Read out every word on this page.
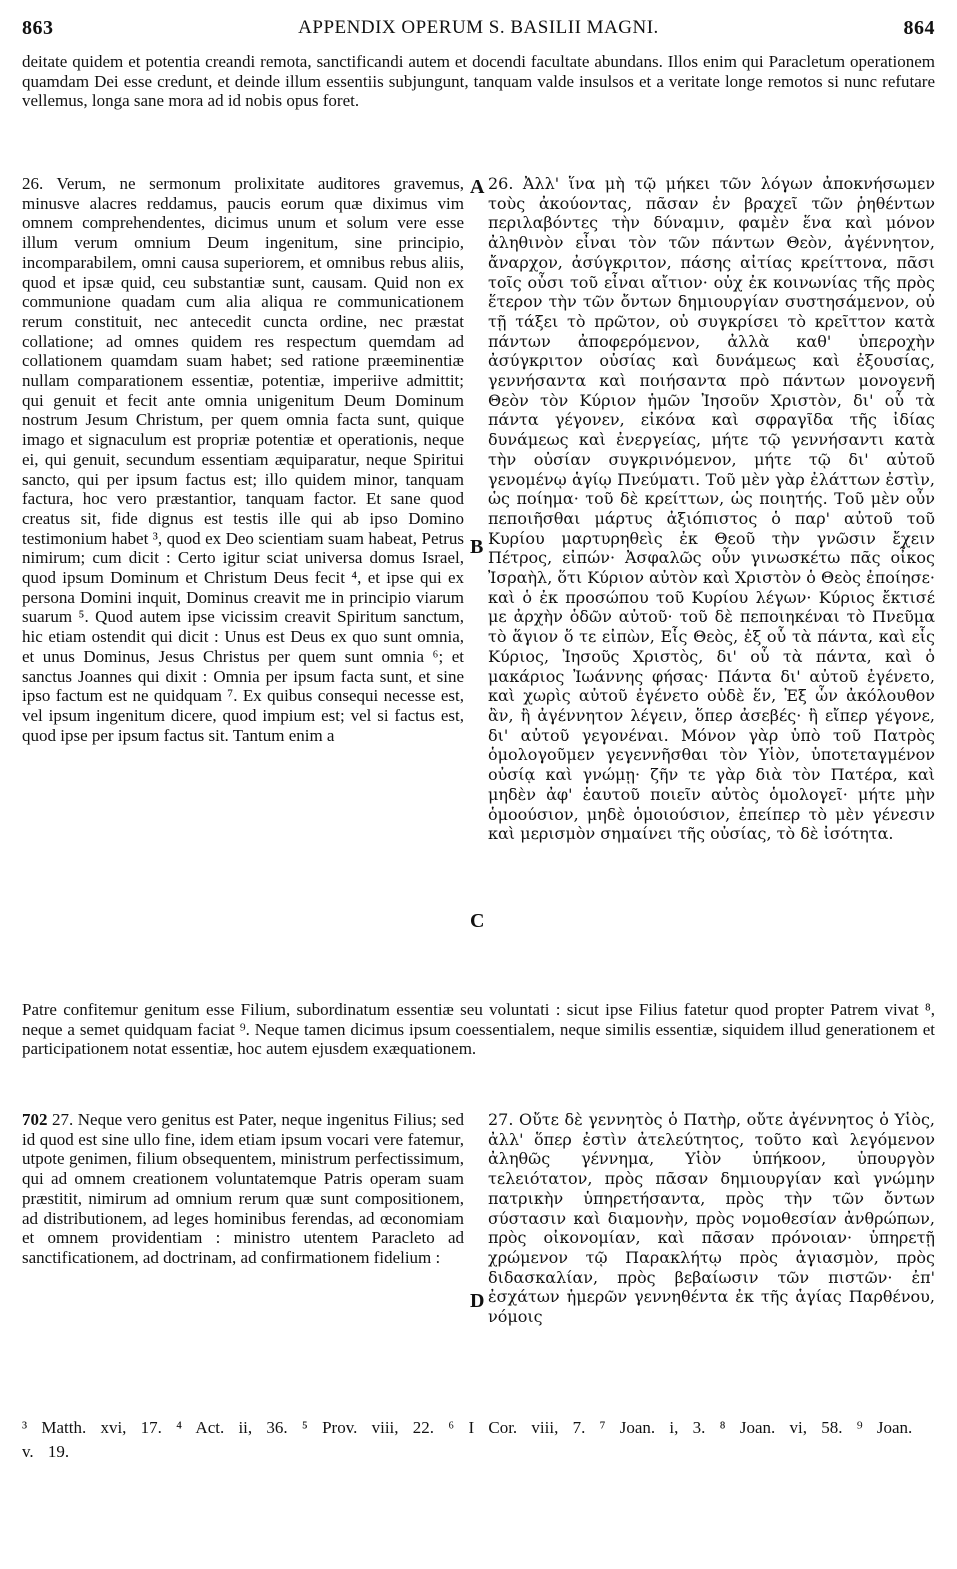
863	APPENDIX OPERUM S. BASILII MAGNI.	864

deitate quidem et potentia creandi remota, sanctificandi autem et docendi facultate abundans. Illos enim qui Paracletum operationem quamdam Dei esse credunt, et deinde illum essentiis subjungunt, tanquam valde insulsos et a veritate longe remotos si nunc refutare vellemus, longa sane mora ad id nobis opus foret.

26. Verum, ne sermonum prolixitate auditores gravemus, minusve alacres reddamus, paucis eorum quæ diximus vim omnem comprehendentes, dicimus unum et solum vere esse illum verum omnium Deum ingenitum, sine principio, incomparabilem, omni causa superiorem, et omnibus rebus aliis, quod et ipsæ quid, ceu substantiæ sunt, causam. Quid non ex communione quadam cum alia aliqua re communicationem rerum constituit, nec antecedit cuncta ordine, nec præstat collatione; ad omnes quidem res respectum quemdam ad collationem quamdam suam habet; sed ratione præeminentiæ nullam comparationem essentiæ, potentiæ, imperiive admittit; qui genuit et fecit ante omnia unigenitum Deum Dominum nostrum Jesum Christum, per quem omnia facta sunt, quique imago et signaculum est propriæ potentiæ et operationis, neque ei, qui genuit, secundum essentiam æquiparatur, neque Spiritui sancto, qui per ipsum factus est; illo quidem minor, tanquam factura, hoc vero præstantior, tanquam factor. Et sane quod creatus sit, fide dignus est testis ille qui ab ipso Domino testimonium habet ³, quod ex Deo scientiam suam habeat, Petrus nimirum; cum dicit : Certo igitur sciat universa domus Israel, quod ipsum Dominum et Christum Deus fecit ⁴, et ipse qui ex persona Domini inquit, Dominus creavit me in principio viarum suarum ⁵. Quod autem ipse vicissim creavit Spiritum sanctum, hic etiam ostendit qui dicit : Unus est Deus ex quo sunt omnia, et unus Dominus, Jesus Christus per quem sunt omnia ⁶; et sanctus Joannes qui dixit : Omnia per ipsum facta sunt, et sine ipso factum est ne quidquam ⁷. Ex quibus consequi necesse est, vel ipsum ingenitum dicere, quod impium est; vel si factus est, quod ipse per ipsum factus sit. Tantum enim a

26. Ἀλλ' ἵνα μὴ τῷ μήκει τῶν λόγων ἀποκνήσωμεν τοὺς ἀκούοντας, πᾶσαν ἐν βραχεῖ τῶν ῥηθέντων περιλαβόντες τὴν δύναμιν, φαμὲν ἕνα καὶ μόνον ἀληθινὸν εἶναι τὸν τῶν πάντων Θεὸν, ἀγέννητον, ἄναρχον, ἀσύγκριτον, πάσης αἰτίας κρείττονα, πᾶσι τοῖς οὖσι τοῦ εἶναι αἴτιον· οὐχ ἐκ κοινωνίας τῆς πρὸς ἕτερον τὴν τῶν ὄντων δημιουργίαν συστησάμενον, οὐ τῇ τάξει τὸ πρῶτον, οὐ συγκρίσει τὸ κρεῖττον κατὰ πάντων ἀποφερόμενον, ἀλλὰ καθ' ὑπεροχὴν ἀσύγκριτον οὐσίας καὶ δυνάμεως καὶ ἐξουσίας, γεννήσαντα καὶ ποιήσαντα πρὸ πάντων μονογενῆ Θεὸν τὸν Κύριον ἡμῶν Ἰησοῦν Χριστὸν, δι' οὗ τὰ πάντα γέγονεν, εἰκόνα καὶ σφραγῖδα τῆς ἰδίας δυνάμεως καὶ ἐνεργείας, μήτε τῷ γεννήσαντι κατὰ τὴν οὐσίαν συγκρινόμενον, μήτε τῷ δι' αὐτοῦ γενομένῳ ἁγίῳ Πνεύματι. Τοῦ μὲν γὰρ ἐλάττων ἐστὶν, ὡς ποίημα· τοῦ δὲ κρείττων, ὡς ποιητής. Τοῦ μὲν οὖν πεποιῆσθαι μάρτυς ἀξιόπιστος ὁ παρ' αὐτοῦ τοῦ Κυρίου μαρτυρηθεὶς ἐκ Θεοῦ τὴν γνῶσιν ἔχειν Πέτρος, εἰπών· Ἀσφαλῶς οὖν γινωσκέτω πᾶς οἶκος Ἰσραὴλ, ὅτι Κύριον αὐτὸν καὶ Χριστὸν ὁ Θεὸς ἐποίησε· καὶ ὁ ἐκ προσώπου τοῦ Κυρίου λέγων· Κύριος ἔκτισέ με ἀρχὴν ὁδῶν αὐτοῦ· τοῦ δὲ πεποιηκέναι τὸ Πνεῦμα τὸ ἅγιον ὅ τε εἰπὼν, Εἷς Θεὸς, ἐξ οὗ τὰ πάντα, καὶ εἷς Κύριος, Ἰησοῦς Χριστὸς, δι' οὗ τὰ πάντα, καὶ ὁ μακάριος Ἰωάννης φήσας· Πάντα δι' αὐτοῦ ἐγένετο, καὶ χωρὶς αὐτοῦ ἐγένετο οὐδὲ ἕν, Ἐξ ὧν ἀκόλουθον ἂν, ἢ ἀγέννητον λέγειν, ὅπερ ἀσεβές· ἢ εἴπερ γέγονε, δι' αὐτοῦ γεγονέναι. Μόνον γὰρ ὑπὸ τοῦ Πατρὸς ὁμολογοῦμεν γεγεννῆσθαι τὸν Υἱὸν, ὑποτεταγμένον οὐσίᾳ καὶ γνώμῃ· ζῆν τε γὰρ διὰ τὸν Πατέρα, καὶ μηδὲν ἀφ' ἑαυτοῦ ποιεῖν αὐτὸς ὁμολογεῖ· μήτε μὴν ὁμοούσιον, μηδὲ ὁμοιούσιον, ἐπείπερ τὸ μὲν γένεσιν καὶ μερισμὸν σημαίνει τῆς οὐσίας, τὸ δὲ ἰσότητα.

A
B
C

Patre confitemur genitum esse Filium, subordinatum essentiæ seu voluntati : sicut ipse Filius fatetur quod propter Patrem vivat ⁸, neque a semet quidquam faciat ⁹. Neque tamen dicimus ipsum coessentialem, neque similis essentiæ, siquidem illud generationem et participationem notat essentiæ, hoc autem ejusdem exæquationem.

702 27. Neque vero genitus est Pater, neque ingenitus Filius; sed id quod est sine ullo fine, idem etiam ipsum vocari vere fatemur, utpote genimen, filium obsequentem, ministrum perfectissimum, qui ad omnem creationem voluntatemque Patris operam suam præstitit, nimirum ad omnium rerum quæ sunt compositionem, ad distributionem, ad leges hominibus ferendas, ad œconomiam et omnem providentiam : ministro utentem Paracleto ad sanctificationem, ad doctrinam, ad confirmationem fidelium :

27. Οὔτε δὲ γεννητὸς ὁ Πατὴρ, οὔτε ἀγέννητος ὁ Υἱὸς, ἀλλ' ὅπερ ἐστὶν ἀτελεύτητος, τοῦτο καὶ λεγόμενον ἀληθῶς γέννημα, Υἱὸν ὑπήκοον, ὑπουργὸν τελειότατον, πρὸς πᾶσαν δημιουργίαν καὶ γνώμην πατρικὴν ὑπηρετήσαντα, πρὸς τὴν τῶν ὄντων σύστασιν καὶ διαμονὴν, πρὸς νομοθεσίαν ἀνθρώπων, πρὸς οἰκονομίαν, καὶ πᾶσαν πρόνοιαν· ὑπηρετῇ χρώμενον τῷ Παρακλήτῳ πρὸς ἁγιασμὸν, πρὸς διδασκαλίαν, πρὸς βεβαίωσιν τῶν πιστῶν· ἐπ' ἐσχάτων ἡμερῶν γεννηθέντα ἐκ τῆς ἁγίας Παρθένου, νόμοις

D
³ Matth. xvi, 17. ⁴ Act. ii, 36. ⁵ Prov. viii, 22. ⁶ I Cor. viii, 7. ⁷ Joan. i, 3. ⁸ Joan. vi, 58. ⁹ Joan. v. 19.
